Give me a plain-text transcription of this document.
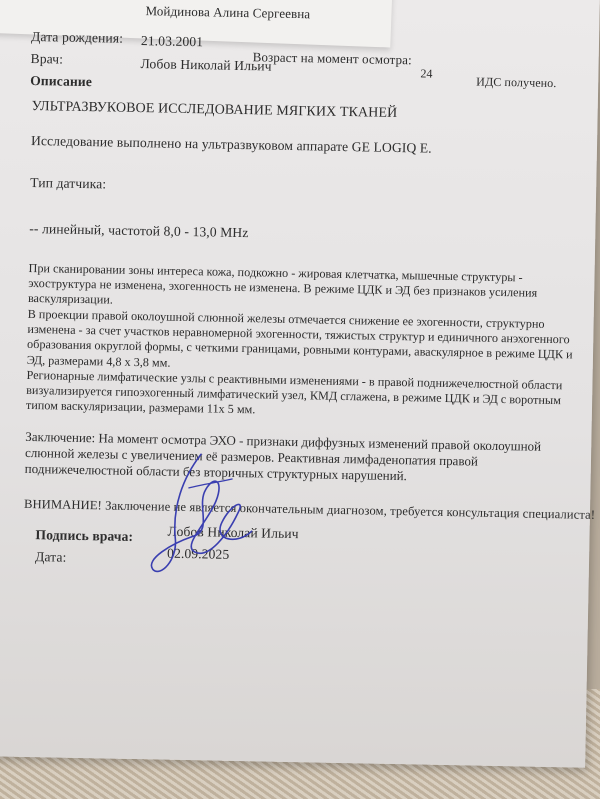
Мойдинова Алина Сергеевна
Дата рождения: 21.03.2001
Возраст на момент осмотра:
24
ИДС получено.
Врач:	Лобов Николай Ильич
Описание
УЛЬТРАЗВУКОВОЕ ИССЛЕДОВАНИЕ МЯГКИХ ТКАНЕЙ
Исследование выполнено на ультразвуковом аппарате GE LOGIQ E.
Тип датчика:
-- линейный, частотой 8,0 - 13,0 MHz
При сканировании зоны интереса кожа, подкожно - жировая клетчатка, мышечные структуры - эхоструктура не изменена, эхогенность не изменена. В режиме ЦДК и ЭД без признаков усиления васкуляризации.
В проекции правой околоушной слюнной железы отмечается снижение ее эхогенности, структурно изменена - за счет участков неравномерной эхогенности, тяжистых структур и единичного анэхогенного образования округлой формы, с четкими границами, ровными контурами, аваскулярное в режиме ЦДК и ЭД, размерами 4,8 х 3,8 мм.
Регионарные лимфатические узлы с реактивными изменениями - в правой поднижечелюстной области визуализируется гипоэхогенный лимфатический узел, КМД сглажена, в режиме ЦДК и ЭД с воротным типом васкуляризации, размерами 11х 5 мм.
Заключение: На момент осмотра ЭХО - признаки диффузных изменений правой околоушной слюнной железы с увеличением её размеров. Реактивная лимфаденопатия правой поднижечелюстной области без вторичных структурных нарушений.
ВНИМАНИЕ! Заключение не является окончательным диагнозом, требуется консультация специалиста!
Подпись врача:	Лобов Николай Ильич
Дата:	02.09.2025
